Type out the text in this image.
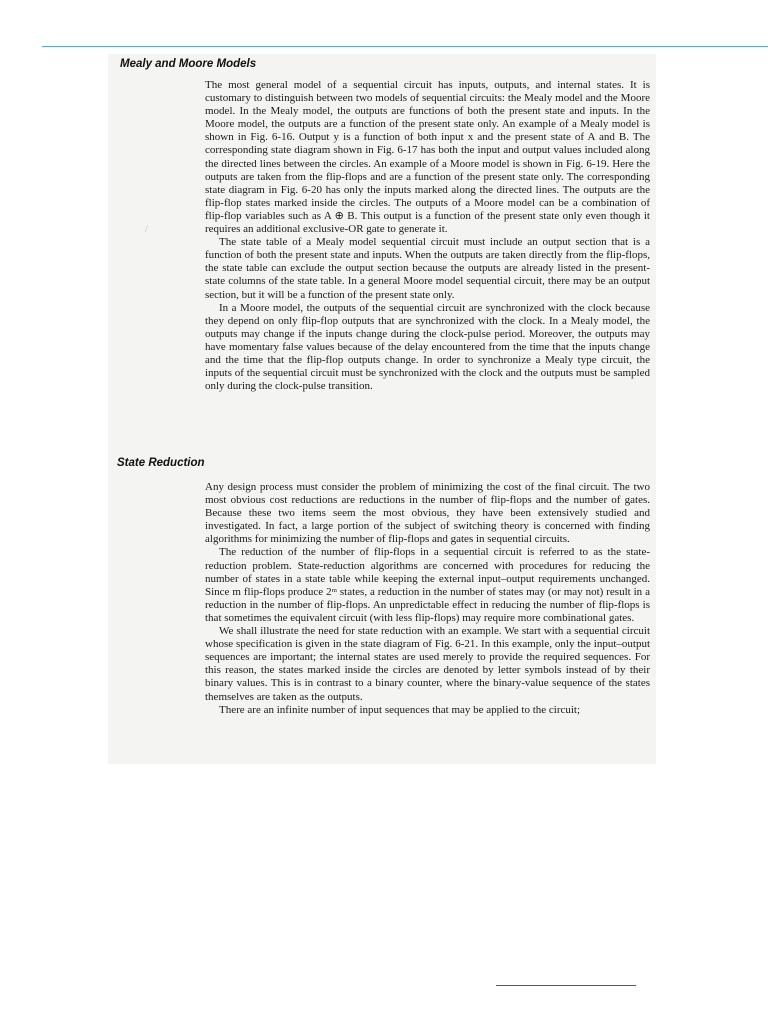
/
Mealy and Moore Models

The most general model of a sequential circuit has inputs, outputs, and internal states. It is customary to distinguish between two models of sequential circuits: the Mealy model and the Moore model. In the Mealy model, the outputs are functions of both the present state and inputs. In the Moore model, the outputs are a function of the present state only. An example of a Mealy model is shown in Fig. 6-16. Output y is a function of both input x and the present state of A and B. The corresponding state diagram shown in Fig. 6-17 has both the input and output values included along the directed lines between the circles. An example of a Moore model is shown in Fig. 6-19. Here the outputs are taken from the flip-flops and are a function of the present state only. The corresponding state diagram in Fig. 6-20 has only the inputs marked along the directed lines. The outputs are the flip-flop states marked inside the circles. The outputs of a Moore model can be a combination of flip-flop variables such as A ⊕ B. This output is a function of the present state only even though it requires an additional exclusive-OR gate to generate it.

The state table of a Mealy model sequential circuit must include an output section that is a function of both the present state and inputs. When the outputs are taken directly from the flip-flops, the state table can exclude the output section because the outputs are already listed in the present-state columns of the state table. In a general Moore model sequential circuit, there may be an output section, but it will be a function of the present state only.

In a Moore model, the outputs of the sequential circuit are synchronized with the clock because they depend on only flip-flop outputs that are synchronized with the clock. In a Mealy model, the outputs may change if the inputs change during the clock-pulse period. Moreover, the outputs may have momentary false values because of the delay encountered from the time that the inputs change and the time that the flip-flop outputs change. In order to synchronize a Mealy type circuit, the inputs of the sequential circuit must be synchronized with the clock and the outputs must be sampled only during the clock-pulse transition.

State Reduction

Any design process must consider the problem of minimizing the cost of the final circuit. The two most obvious cost reductions are reductions in the number of flip-flops and the number of gates. Because these two items seem the most obvious, they have been extensively studied and investigated. In fact, a large portion of the subject of switching theory is concerned with finding algorithms for minimizing the number of flip-flops and gates in sequential circuits.

The reduction of the number of flip-flops in a sequential circuit is referred to as the state-reduction problem. State-reduction algorithms are concerned with procedures for reducing the number of states in a state table while keeping the external input–output requirements unchanged. Since m flip-flops produce 2ᵐ states, a reduction in the number of states may (or may not) result in a reduction in the number of flip-flops. An unpredictable effect in reducing the number of flip-flops is that sometimes the equivalent circuit (with less flip-flops) may require more combinational gates.

We shall illustrate the need for state reduction with an example. We start with a sequential circuit whose specification is given in the state diagram of Fig. 6-21. In this example, only the input–output sequences are important; the internal states are used merely to provide the required sequences. For this reason, the states marked inside the circles are denoted by letter symbols instead of by their binary values. This is in contrast to a binary counter, where the binary-value sequence of the states themselves are taken as the outputs.

There are an infinite number of input sequences that may be applied to the circuit;
